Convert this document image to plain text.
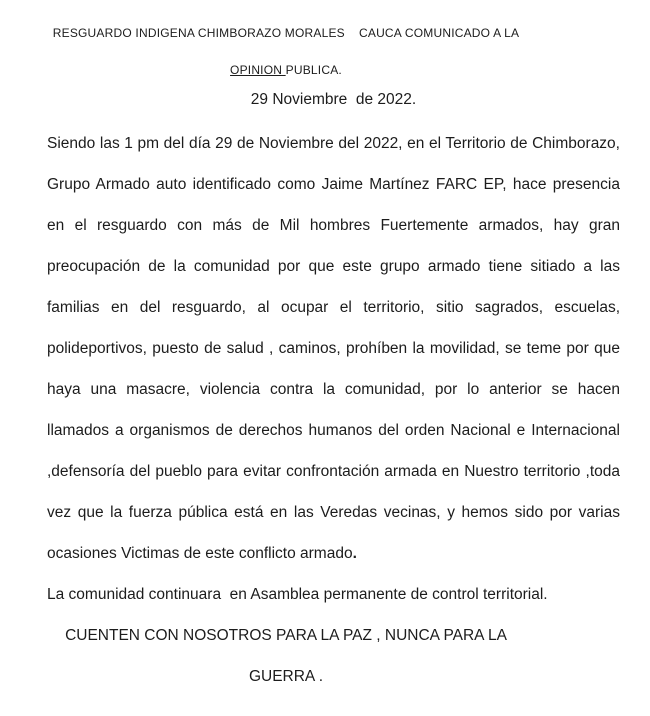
RESGUARDO INDIGENA CHIMBORAZO MORALES    CAUCA COMUNICADO A LA
OPINION PUBLICA.
29 Noviembre  de 2022.
Siendo las 1 pm del día 29 de Noviembre del 2022, en el Territorio de Chimborazo,
Grupo Armado auto identificado como Jaime Martínez FARC EP, hace presencia
en el resguardo con más de Mil hombres Fuertemente armados, hay gran
preocupación de la comunidad por que este grupo armado tiene sitiado a las
familias en del resguardo, al ocupar el territorio, sitio sagrados, escuelas,
polideportivos, puesto de salud , caminos, prohíben la movilidad, se teme por que
haya una masacre, violencia contra la comunidad, por lo anterior se hacen
llamados a organismos de derechos humanos del orden Nacional e Internacional
,defensoría del pueblo para evitar confrontación armada en Nuestro territorio ,toda
vez que la fuerza pública está en las Veredas vecinas, y hemos sido por varias
ocasiones Victimas de este conflicto armado.
La comunidad continuara  en Asamblea permanente de control territorial.
CUENTEN CON NOSOTROS PARA LA PAZ , NUNCA PARA LA
GUERRA .
